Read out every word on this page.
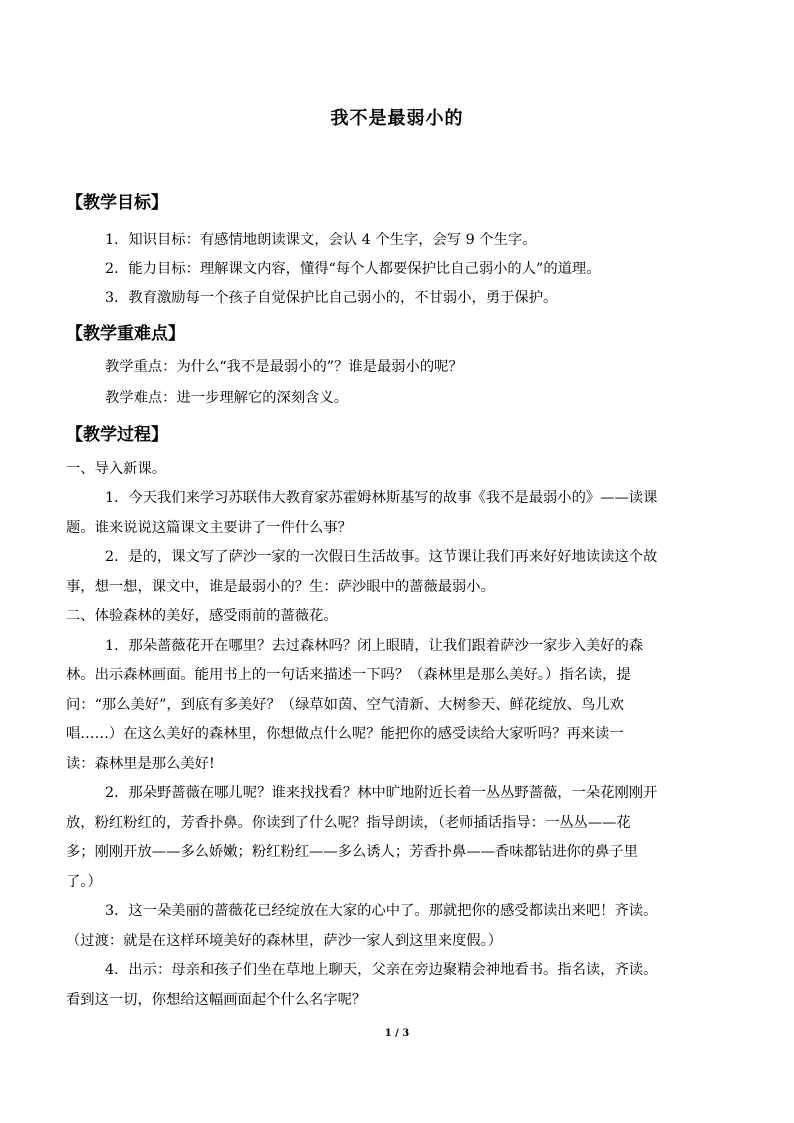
我不是最弱小的
【教学目标】
1．知识目标：有感情地朗读课文，会认 4 个生字，会写 9 个生字。
2．能力目标：理解课文内容，懂得“每个人都要保护比自己弱小的人”的道理。
3．教育激励每一个孩子自觉保护比自己弱小的，不甘弱小，勇于保护。
【教学重难点】
教学重点：为什么“我不是最弱小的”？谁是最弱小的呢？
教学难点：进一步理解它的深刻含义。
【教学过程】
一、导入新课。
1．今天我们来学习苏联伟大教育家苏霍姆林斯基写的故事《我不是最弱小的》——读课
题。谁来说说这篇课文主要讲了一件什么事？
2．是的，课文写了萨沙一家的一次假日生活故事。这节课让我们再来好好地读读这个故
事，想一想，课文中，谁是最弱小的？生：萨沙眼中的蔷薇最弱小。
二、体验森林的美好，感受雨前的蔷薇花。
1．那朵蔷薇花开在哪里？去过森林吗？闭上眼睛，让我们跟着萨沙一家步入美好的森
林。出示森林画面。能用书上的一句话来描述一下吗？（森林里是那么美好。）指名读，提
问：“那么美好”，到底有多美好？（绿草如茵、空气清新、大树参天、鲜花绽放、鸟儿欢
唱……）在这么美好的森林里，你想做点什么呢？能把你的感受读给大家听吗？再来读一
读：森林里是那么美好!
2．那朵野蔷薇在哪儿呢？谁来找找看？林中旷地附近长着一丛丛野蔷薇，一朵花刚刚开
放，粉红粉红的，芳香扑鼻。你读到了什么呢？指导朗读，（老师插话指导：一丛丛——花
多；刚刚开放——多么娇嫩；粉红粉红——多么诱人；芳香扑鼻——香味都钻进你的鼻子里
了。）
3．这一朵美丽的蔷薇花已经绽放在大家的心中了。那就把你的感受都读出来吧！齐读。
（过渡：就是在这样环境美好的森林里，萨沙一家人到这里来度假。）
4．出示：母亲和孩子们坐在草地上聊天，父亲在旁边聚精会神地看书。指名读，齐读。
看到这一切，你想给这幅画面起个什么名字呢？
1 / 3
